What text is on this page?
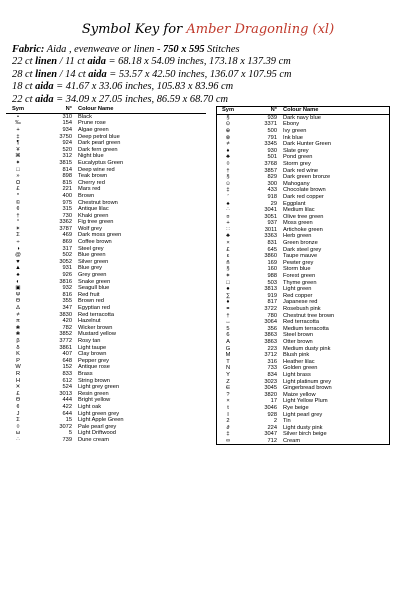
Symbol Key for Amber Dragonling (xl)
Fabric: Aida , evenweave or linen - 750 x 595 Stitches
22 ct linen / 11 ct aida = 68.18 x 54.09 inches, 173.18 x 137.39 cm
28 ct linen / 14 ct aida = 53.57 x 42.50 inches, 136.07 x 107.95 cm
18 ct aida = 41.67 x 33.06 inches, 105.83 x 83.96 cm
22 ct aida = 34.09 x 27.05 inches, 86.59 x 68.70 cm
Sym	N°	Colour Name
•	310	Black
‰	154	Prune rose
+	934	Algae green
‡	3750	Deep petrol blue
¶	924	Dark pearl green
¥	520	Dark fern green
⌘	312	Night blue
✦	3815	Eucalyptus Green
□	814	Deep wine red
»	898	Teak brown
Ω	815	Cherry red
£	221	Mars red
*	400	Brown
©	975	Chestnut brown
¢	315	Antique lilac
†	730	Khaki green
°	3362	Fig tree green
✴	3787	Wolf grey
Σ	469	Dark moss green
÷	869	Coffee brown
◑	317	Steel grey
@	502	Blue green
♥	3052	Silver green
▲	931	Blue grey
♠	926	Grey green
◐	3816	Snake green
▣	932	Seagull blue
Ψ	816	Red fruit
Θ	355	Brown red
∆	347	Egyptian red
≠	3830	Red terracotta
π	420	Hazelnut
❀	782	Wicker brown
❀	3852	Mustard yellow
β	3772	Rosy tan
δ	3861	Light taupe
K	407	Clay brown
P	648	Pepper grey
W	152	Antique rose
R	833	Brass
H	612	String brown
✕	524	Light grey green
£	3013	Resin green
Θ	444	Bright yellow
¢	422	Light oak
J	644	Light green grey
Σ	15	Light Apple Green
◊	3072	Pale pearl grey
ω	5	Light Driftwood
∴	739	Dune cream
Sym	N°	Colour Name
§	939	Dark navy blue
⊙	3371	Ebony
⊕	500	Ivy green
⊗	791	Ink blue
≠	3345	Dark Hunter Green
♦	930	Slate grey
♣	501	Pond green
◊	3768	Storm grey
†	3857	Dark red wine
§	829	Dark green bronze
☺	300	Mahogany
‡	433	Chocolate brown
′	918	Dark red copper
♠	29	Eggplant
∴	3041	Medium lilac
¤	3051	Olive tree green
+	937	Moss green
∷	3011	Artichoke green
♣	3363	Herb green
×	831	Green bronze
£	645	Dark steel grey
ε	3860	Taupe mauve
ñ	169	Pewter grey
§	160	Storm blue
✶	988	Forest green
□	503	Thyme green
●	3813	Light green
∑	919	Red copper
♦	817	Japanese red
⚭	3722	Rosebush pink
†	780	Chestnut tree brown
↔	3064	Red terracotta
5	356	Medium terracotta
6	3863	Steel brown
A	3863	Otter brown
G	223	Medium dusty pink
M	3712	Blush pink
T	316	Heather lilac
N	733	Golden green
Y	834	Light brass
Z	3023	Light platinum grey
∈	3045	Gingerbread brown
?	3820	Maize yellow
×	17	Light Yellow Plum
t	3046	Rye beige
I	928	Light pearl grey
2	2	Tin
∂	224	Light dusty pink
‡	3047	Silver birch beige
∞	712	Cream
